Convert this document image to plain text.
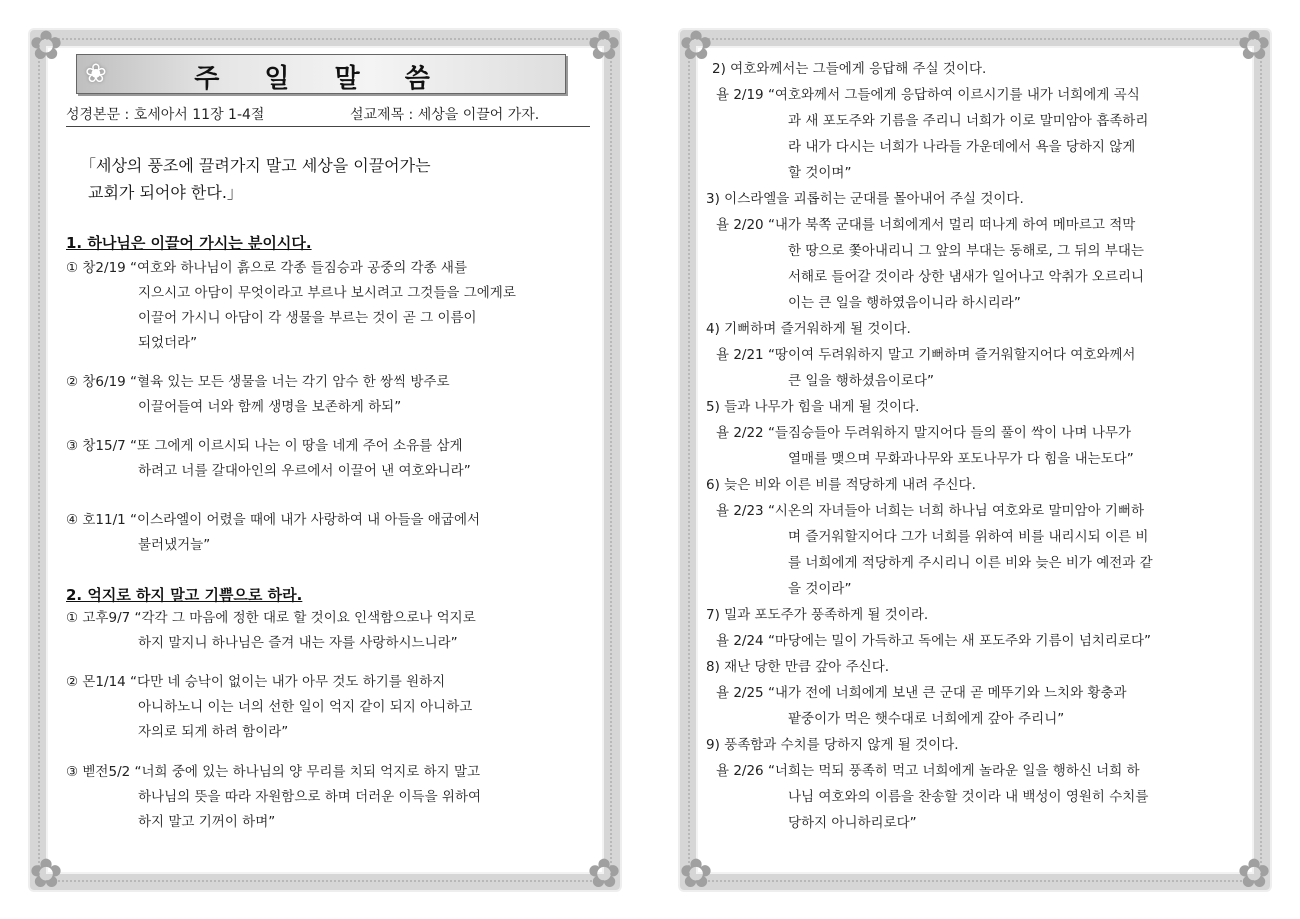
✿	✿
✿	✿
❀	주 일 말 씀
성경본문 : 호세아서 11장 1-4절	설교제목 : 세상을 이끌어 가자.
「세상의 풍조에 끌려가지 말고 세상을 이끌어가는
교회가 되어야 한다.」
1. 하나님은 이끌어 가시는 분이시다.
① 창2/19 “여호와 하나님이 흙으로 각종 들짐승과 공중의 각종 새를
지으시고 아담이 무엇이라고 부르나 보시려고 그것들을 그에게로
이끌어 가시니 아담이 각 생물을 부르는 것이 곧 그 이름이
되었더라”
② 창6/19 “혈육 있는 모든 생물을 너는 각기 암수 한 쌍씩 방주로
이끌어들여 너와 함께 생명을 보존하게 하되”
③ 창15/7 “또 그에게 이르시되 나는 이 땅을 네게 주어 소유를 삼게
하려고 너를 갈대아인의 우르에서 이끌어 낸 여호와니라”
④ 호11/1 “이스라엘이 어렸을 때에 내가 사랑하여 내 아들을 애굽에서
불러냈거늘”
2. 억지로 하지 말고 기쁨으로 하라.
① 고후9/7 “각각 그 마음에 정한 대로 할 것이요 인색함으로나 억지로
하지 말지니 하나님은 즐겨 내는 자를 사랑하시느니라”
② 몬1/14 “다만 네 승낙이 없이는 내가 아무 것도 하기를 원하지
아니하노니 이는 너의 선한 일이 억지 같이 되지 아니하고
자의로 되게 하려 함이라”
③ 벧전5/2 “너희 중에 있는 하나님의 양 무리를 치되 억지로 하지 말고
하나님의 뜻을 따라 자원함으로 하며 더러운 이득을 위하여
하지 말고 기꺼이 하며”
✿	✿
✿	✿
2) 여호와께서는 그들에게 응답해 주실 것이다.
욜 2/19 “여호와께서 그들에게 응답하여 이르시기를 내가 너희에게 곡식
과 새 포도주와 기름을 주리니 너희가 이로 말미암아 흡족하리
라 내가 다시는 너희가 나라들 가운데에서 욕을 당하지 않게
할 것이며”
3) 이스라엘을 괴롭히는 군대를 몰아내어 주실 것이다.
욜 2/20 “내가 북쪽 군대를 너희에게서 멀리 떠나게 하여 메마르고 적막
한 땅으로 쫓아내리니 그 앞의 부대는 동해로, 그 뒤의 부대는
서해로 들어갈 것이라 상한 냄새가 일어나고 악취가 오르리니
이는 큰 일을 행하였음이니라 하시리라”
4) 기뻐하며 즐거워하게 될 것이다.
욜 2/21 “땅이여 두려워하지 말고 기뻐하며 즐거워할지어다 여호와께서
큰 일을 행하셨음이로다”
5) 들과 나무가 힘을 내게 될 것이다.
욜 2/22 “들짐승들아 두려워하지 말지어다 들의 풀이 싹이 나며 나무가
열매를 맺으며 무화과나무와 포도나무가 다 힘을 내는도다”
6) 늦은 비와 이른 비를 적당하게 내려 주신다.
욜 2/23 “시온의 자녀들아 너희는 너희 하나님 여호와로 말미암아 기뻐하
며 즐거워할지어다 그가 너희를 위하여 비를 내리시되 이른 비
를 너희에게 적당하게 주시리니 이른 비와 늦은 비가 예전과 같
을 것이라”
7) 밀과 포도주가 풍족하게 될 것이라.
욜 2/24 “마당에는 밀이 가득하고 독에는 새 포도주와 기름이 넘치리로다”
8) 재난 당한 만큼 갚아 주신다.
욜 2/25 “내가 전에 너희에게 보낸 큰 군대 곧 메뚜기와 느치와 황충과
팥중이가 먹은 햇수대로 너희에게 갚아 주리니”
9) 풍족함과 수치를 당하지 않게 될 것이다.
욜 2/26 “너희는 먹되 풍족히 먹고 너희에게 놀라운 일을 행하신 너희 하
나님 여호와의 이름을 찬송할 것이라 내 백성이 영원히 수치를
당하지 아니하리로다”
